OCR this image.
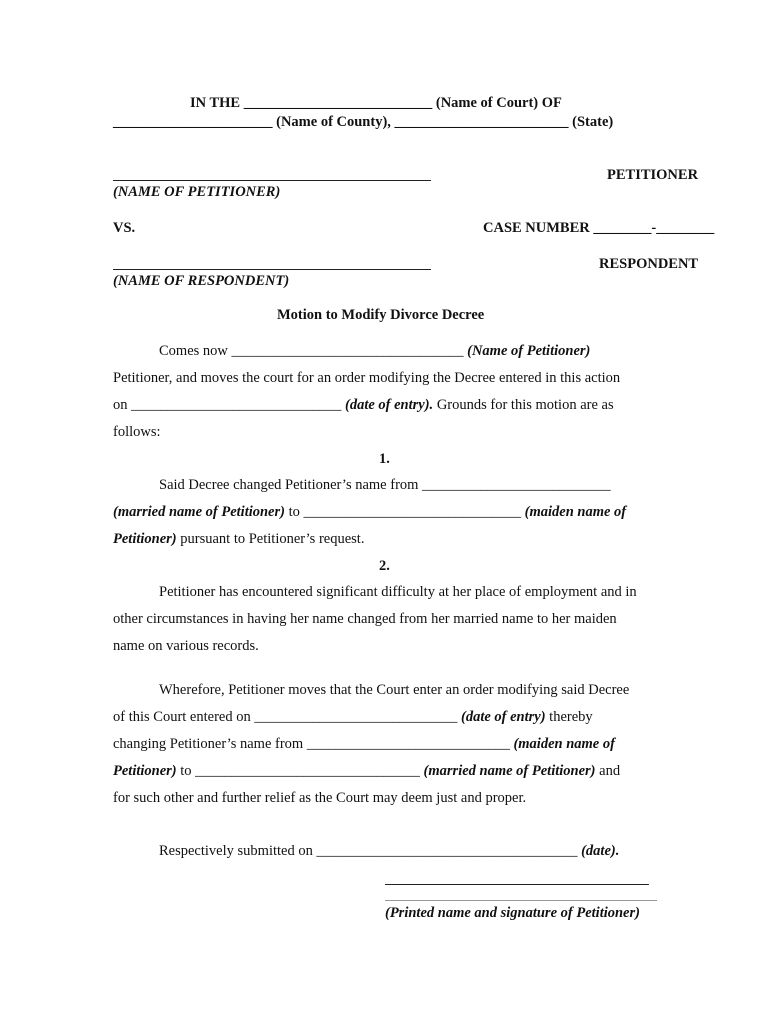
IN THE __________________________ (Name of Court) OF
______________________ (Name of County), ________________________ (State)
PETITIONER
(NAME OF PETITIONER)
VS.	CASE NUMBER ________-________
RESPONDENT
(NAME OF RESPONDENT)
Motion to Modify Divorce Decree
Comes now ________________________________ (Name of Petitioner)
Petitioner, and moves the court for an order modifying the Decree entered in this action
on _____________________________ (date of entry). Grounds for this motion are as
follows:
1.
Said Decree changed Petitioner’s name from __________________________
(married name of Petitioner) to ______________________________ (maiden name of
Petitioner) pursuant to Petitioner’s request.
2.
Petitioner has encountered significant difficulty at her place of employment and in
other circumstances in having her name changed from her married name to her maiden
name on various records.
Wherefore, Petitioner moves that the Court enter an order modifying said Decree
of this Court entered on ____________________________ (date of entry) thereby
changing Petitioner’s name from ____________________________ (maiden name of
Petitioner) to _______________________________ (married name of Petitioner) and
for such other and further relief as the Court may deem just and proper.
Respectively submitted on ____________________________________ (date).
(Printed name and signature of Petitioner)
